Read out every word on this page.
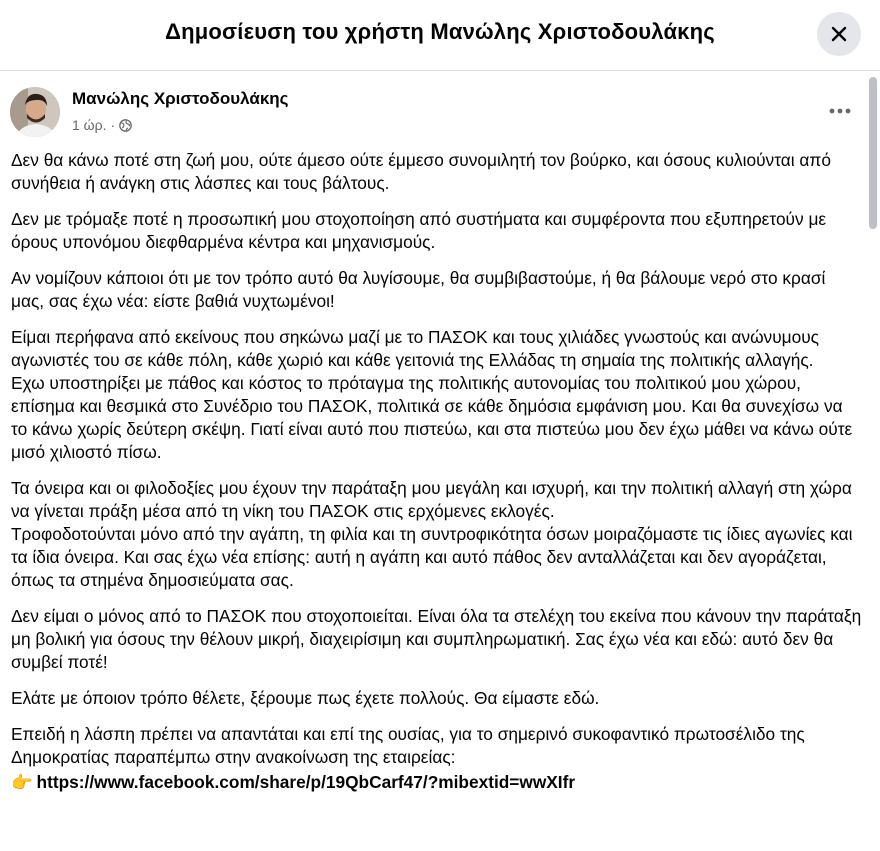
Δημοσίευση του χρήστη Μανώλης Χριστοδουλάκης
Μανώλης Χριστοδουλάκης
1 ώρ. ·

Δεν θα κάνω ποτέ στη ζωή μου, ούτε άμεσο ούτε έμμεσο συνομιλητή τον βούρκο, και όσους κυλιούνται από συνήθεια ή ανάγκη στις λάσπες και τους βάλτους.

Δεν με τρόμαξε ποτέ η προσωπική μου στοχοποίηση από συστήματα και συμφέροντα που εξυπηρετούν με όρους υπονόμου διεφθαρμένα κέντρα και μηχανισμούς.

Αν νομίζουν κάποιοι ότι με τον τρόπο αυτό θα λυγίσουμε, θα συμβιβαστούμε, ή θα βάλουμε νερό στο κρασί μας, σας έχω νέα: είστε βαθιά νυχτωμένοι!

Είμαι περήφανα από εκείνους που σηκώνω μαζί με το ΠΑΣΟΚ και τους χιλιάδες γνωστούς και ανώνυμους αγωνιστές του σε κάθε πόλη, κάθε χωριό και κάθε γειτονιά της Ελλάδας τη σημαία της πολιτικής αλλαγής.
Εχω υποστηρίξει με πάθος και κόστος το πρόταγμα της πολιτικής αυτονομίας του πολιτικού μου χώρου, επίσημα και θεσμικά στο Συνέδριο του ΠΑΣΟΚ, πολιτικά σε κάθε δημόσια εμφάνιση μου. Και θα συνεχίσω να το κάνω χωρίς δεύτερη σκέψη. Γιατί είναι αυτό που πιστεύω, και στα πιστεύω μου δεν έχω μάθει να κάνω ούτε μισό χιλιοστό πίσω.

Τα όνειρα και οι φιλοδοξίες μου έχουν την παράταξη μου μεγάλη και ισχυρή, και την πολιτική αλλαγή στη χώρα να γίνεται πράξη μέσα από τη νίκη του ΠΑΣΟΚ στις ερχόμενες εκλογές.
Τροφοδοτούνται μόνο από την αγάπη, τη φιλία και τη συντροφικότητα όσων μοιραζόμαστε τις ίδιες αγωνίες και τα ίδια όνειρα. Και σας έχω νέα επίσης: αυτή η αγάπη και αυτό πάθος δεν ανταλλάζεται και δεν αγοράζεται, όπως τα στημένα δημοσιεύματα σας.

Δεν είμαι ο μόνος από το ΠΑΣΟΚ που στοχοποιείται. Είναι όλα τα στελέχη του εκείνα που κάνουν την παράταξη μη βολική για όσους την θέλουν μικρή, διαχειρίσιμη και συμπληρωματική. Σας έχω νέα και εδώ: αυτό δεν θα συμβεί ποτέ!

Ελάτε με όποιον τρόπο θέλετε, ξέρουμε πως έχετε πολλούς. Θα είμαστε εδώ.

Επειδή η λάσπη πρέπει να απαντάται και επί της ουσίας, για το σημερινό συκοφαντικό πρωτοσέλιδο της Δημοκρατίας παραπέμπω στην ανακοίνωση της εταιρείας:

👉 https://www.facebook.com/share/p/19QbCarf47/?mibextid=wwXIfr
